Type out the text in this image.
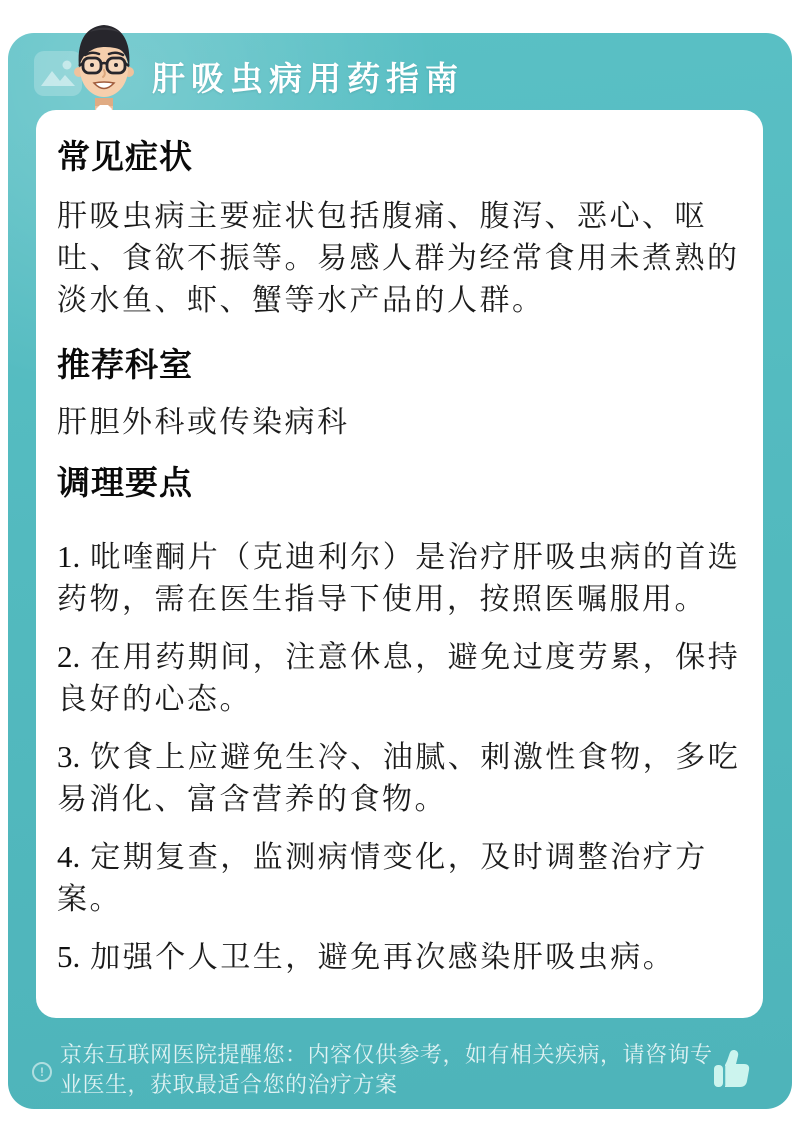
肝吸虫病用药指南
常见症状

肝吸虫病主要症状包括腹痛、腹泻、恶心、呕吐、食欲不振等。易感人群为经常食用未煮熟的淡水鱼、虾、蟹等水产品的人群。

推荐科室

肝胆外科或传染病科

调理要点
1. 吡喹酮片（克迪利尔）是治疗肝吸虫病的首选药物，需在医生指导下使用，按照医嘱服用。
2. 在用药期间，注意休息，避免过度劳累，保持良好的心态。
3. 饮食上应避免生冷、油腻、刺激性食物，多吃易消化、富含营养的食物。
4. 定期复查，监测病情变化，及时调整治疗方案。
5. 加强个人卫生，避免再次感染肝吸虫病。
!
京东互联网医院提醒您：内容仅供参考，如有相关疾病，请咨询专业医生，获取最适合您的治疗方案
